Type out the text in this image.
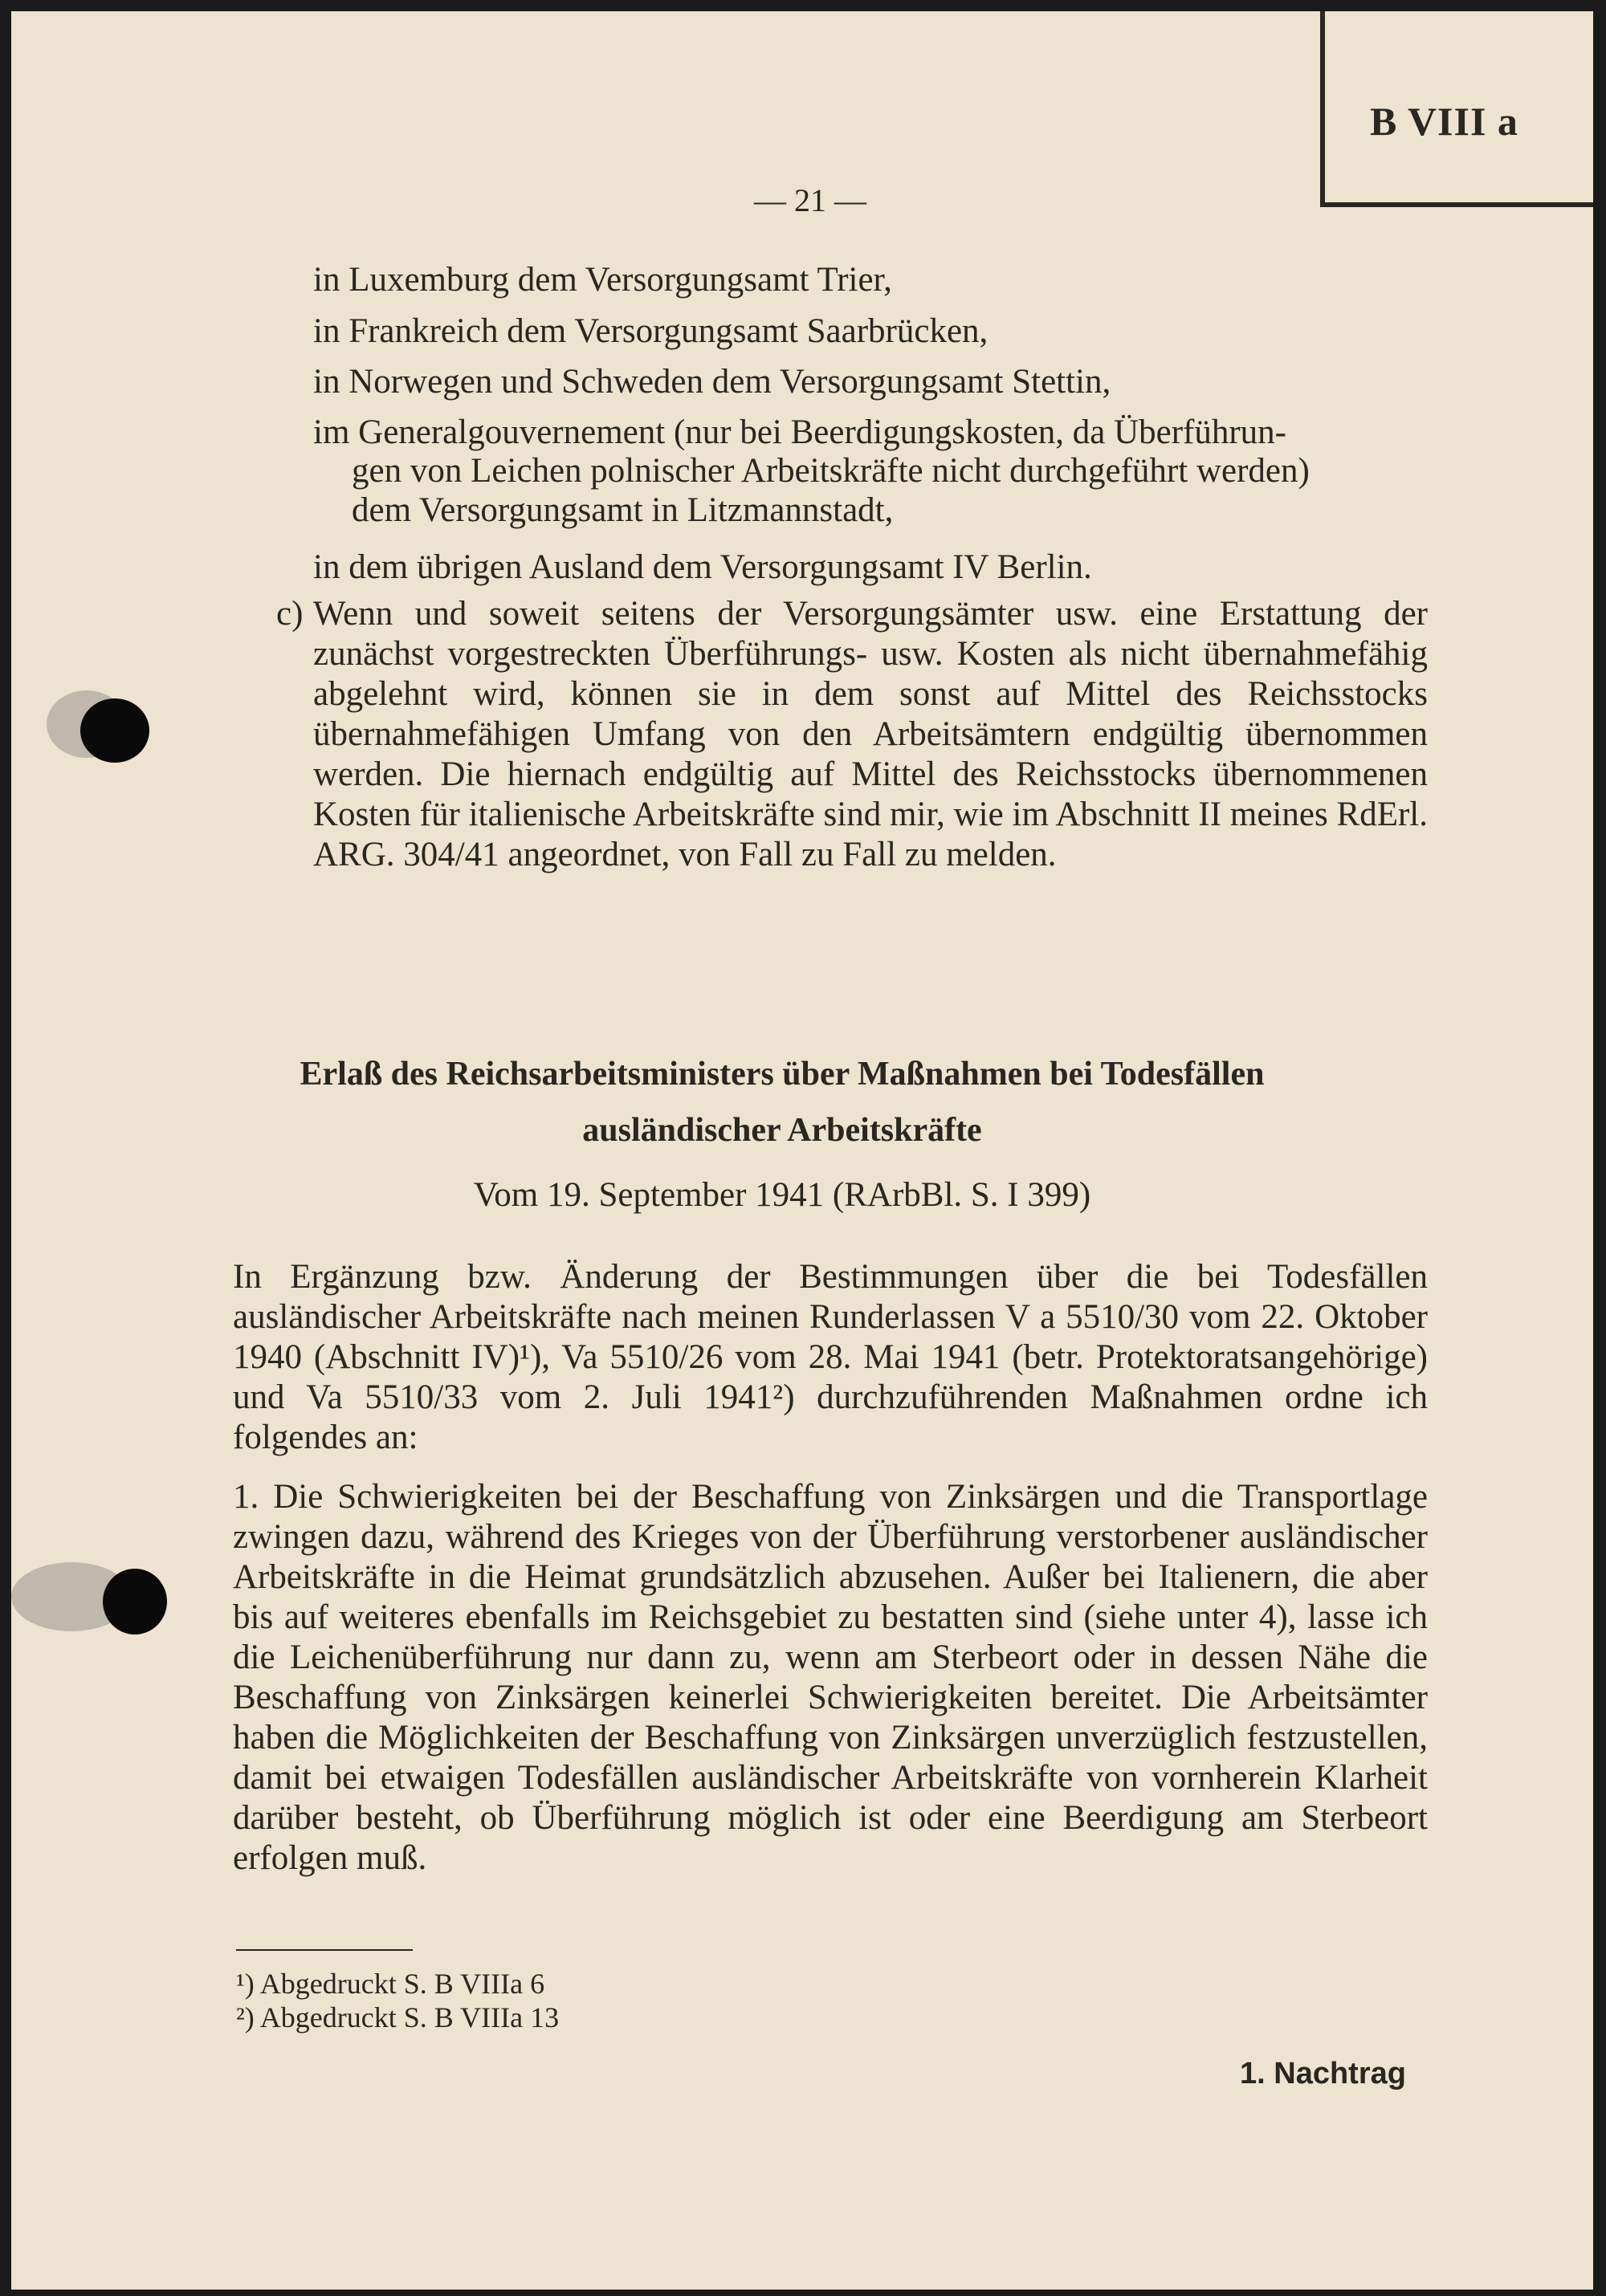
B VIII a
— 21 —
in Luxemburg dem Versorgungsamt Trier,
in Frankreich dem Versorgungsamt Saarbrücken,
in Norwegen und Schweden dem Versorgungsamt Stettin,
im Generalgouvernement (nur bei Beerdigungskosten, da Überführun-
gen von Leichen polnischer Arbeitskräfte nicht durchgeführt werden)
dem Versorgungsamt in Litzmannstadt,
in dem übrigen Ausland dem Versorgungsamt IV Berlin.
c) Wenn und soweit seitens der Versorgungsämter usw. eine Erstattung der zunächst vorgestreckten Überführungs- usw. Kosten als nicht übernahmefähig abgelehnt wird, können sie in dem sonst auf Mittel des Reichsstocks übernahmefähigen Umfang von den Arbeitsämtern endgültig übernommen werden. Die hiernach endgültig auf Mittel des Reichsstocks übernommenen Kosten für italienische Arbeitskräfte sind mir, wie im Abschnitt II meines RdErl. ARG. 304/41 angeordnet, von Fall zu Fall zu melden.
Erlaß des Reichsarbeitsministers über Maßnahmen bei Todesfällen
ausländischer Arbeitskräfte
Vom 19. September 1941 (RArbBl. S. I 399)
In Ergänzung bzw. Änderung der Bestimmungen über die bei Todesfällen ausländischer Arbeitskräfte nach meinen Runderlassen V a 5510/30 vom 22. Oktober 1940 (Abschnitt IV)¹), Va 5510/26 vom 28. Mai 1941 (betr. Protektoratsangehörige) und Va 5510/33 vom 2. Juli 1941²) durchzuführenden Maßnahmen ordne ich folgendes an:
1. Die Schwierigkeiten bei der Beschaffung von Zinksärgen und die Transportlage zwingen dazu, während des Krieges von der Überführung verstorbener ausländischer Arbeitskräfte in die Heimat grundsätzlich abzusehen. Außer bei Italienern, die aber bis auf weiteres ebenfalls im Reichsgebiet zu bestatten sind (siehe unter 4), lasse ich die Leichenüberführung nur dann zu, wenn am Sterbeort oder in dessen Nähe die Beschaffung von Zinksärgen keinerlei Schwierigkeiten bereitet. Die Arbeitsämter haben die Möglichkeiten der Beschaffung von Zinksärgen unverzüglich festzustellen, damit bei etwaigen Todesfällen ausländischer Arbeitskräfte von vornherein Klarheit darüber besteht, ob Überführung möglich ist oder eine Beerdigung am Sterbeort erfolgen muß.
¹) Abgedruckt S. B VIIIa 6
²) Abgedruckt S. B VIIIa 13
1. Nachtrag
